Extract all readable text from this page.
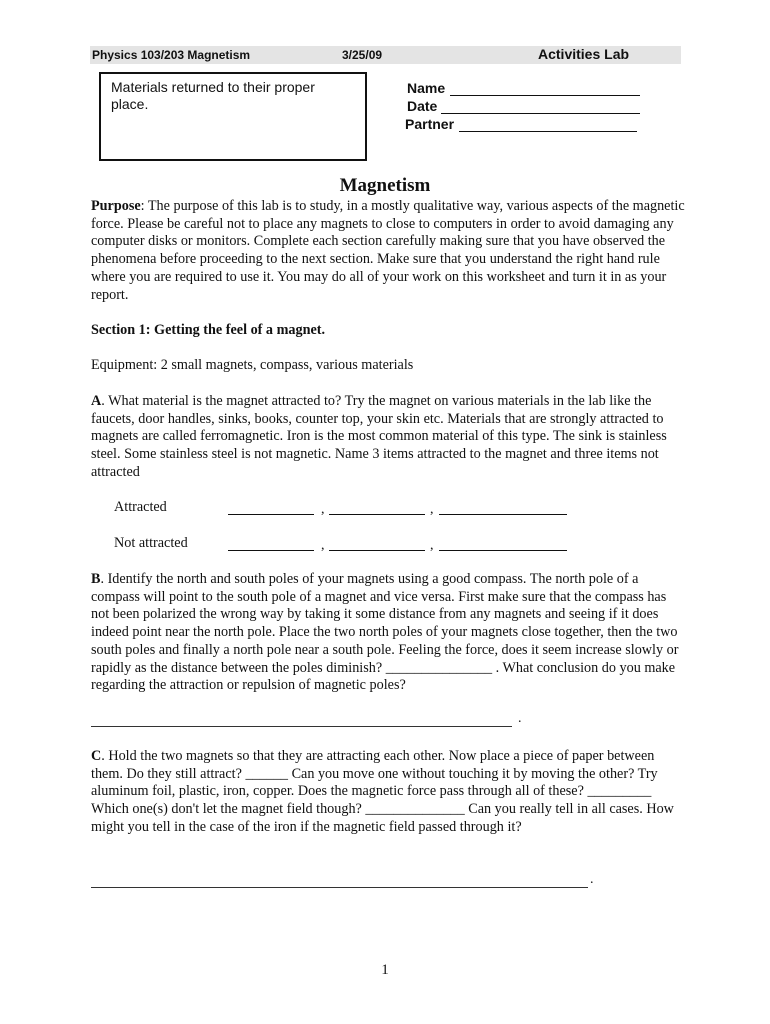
Physics 103/203 Magnetism	3/25/09	Activities Lab
Materials returned to their proper place.
Name
Date
Partner
Magnetism
Purpose: The purpose of this lab is to study, in a mostly qualitative way, various aspects of the magnetic force. Please be careful not to place any magnets to close to computers in order to avoid damaging any computer disks or monitors. Complete each section carefully making sure that you have observed the phenomena before proceeding to the next section. Make sure that you understand the right hand rule where you are required to use it. You may do all of your work on this worksheet and turn it in as your report.
Section 1: Getting the feel of a magnet.
Equipment: 2 small magnets, compass, various materials
A. What material is the magnet attracted to? Try the magnet on various materials in the lab like the faucets, door handles, sinks, books, counter top, your skin etc. Materials that are strongly attracted to magnets are called ferromagnetic. Iron is the most common material of this type. The sink is stainless steel. Some stainless steel is not magnetic. Name 3 items attracted to the magnet and three items not attracted
Attracted	,	,
Not attracted	,	,
B. Identify the north and south poles of your magnets using a good compass. The north pole of a compass will point to the south pole of a magnet and vice versa. First make sure that the compass has not been polarized the wrong way by taking it some distance from any magnets and seeing if it does indeed point near the north pole. Place the two north poles of your magnets close together, then the two south poles and finally a north pole near a south pole. Feeling the force, does it seem increase slowly or rapidly as the distance between the poles diminish? _______________ . What conclusion do you make regarding the attraction or repulsion of magnetic poles?
.
C. Hold the two magnets so that they are attracting each other. Now place a piece of paper between them. Do they still attract? ______ Can you move one without touching it by moving the other? Try aluminum foil, plastic, iron, copper. Does the magnetic force pass through all of these? _________ Which one(s) don't let the magnet field though? ______________ Can you really tell in all cases. How might you tell in the case of the iron if the magnetic field passed through it?
.
1
